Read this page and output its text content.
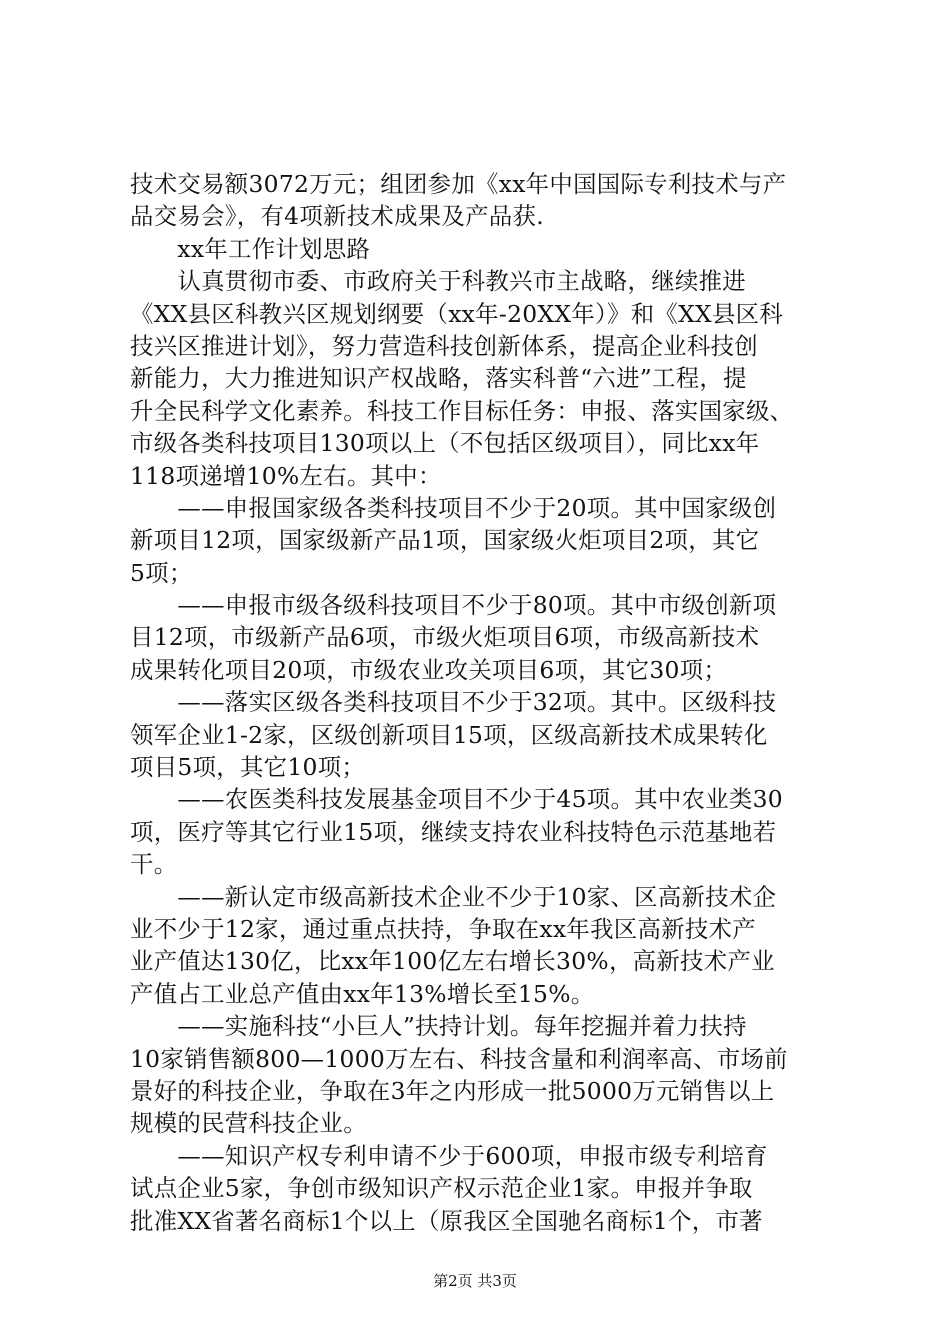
技术交易额3072万元；组团参加《xx年中国国际专利技术与产
品交易会》，有4项新技术成果及产品获.
　　xx年工作计划思路
　　认真贯彻市委、市政府关于科教兴市主战略，继续推进
《XX县区科教兴区规划纲要（xx年-20XX年）》和《XX县区科
技兴区推进计划》，努力营造科技创新体系，提高企业科技创
新能力，大力推进知识产权战略，落实科普“六进”工程，提
升全民科学文化素养。科技工作目标任务：申报、落实国家级、
市级各类科技项目130项以上（不包括区级项目），同比xx年
118项递增10%左右。其中：
　　——申报国家级各类科技项目不少于20项。其中国家级创
新项目12项，国家级新产品1项，国家级火炬项目2项，其它
5项；
　　——申报市级各级科技项目不少于80项。其中市级创新项
目12项，市级新产品6项，市级火炬项目6项，市级高新技术
成果转化项目20项，市级农业攻关项目6项，其它30项；
　　——落实区级各类科技项目不少于32项。其中。区级科技
领军企业1-2家，区级创新项目15项，区级高新技术成果转化
项目5项，其它10项；
　　——农医类科技发展基金项目不少于45项。其中农业类30
项，医疗等其它行业15项，继续支持农业科技特色示范基地若
干。
　　——新认定市级高新技术企业不少于10家、区高新技术企
业不少于12家，通过重点扶持，争取在xx年我区高新技术产
业产值达130亿，比xx年100亿左右增长30%，高新技术产业
产值占工业总产值由xx年13%增长至15%。
　　——实施科技“小巨人”扶持计划。每年挖掘并着力扶持
10家销售额800—1000万左右、科技含量和利润率高、市场前
景好的科技企业，争取在3年之内形成一批5000万元销售以上
规模的民营科技企业。
　　——知识产权专利申请不少于600项，申报市级专利培育
试点企业5家，争创市级知识产权示范企业1家。申报并争取
批准XX省著名商标1个以上（原我区全国驰名商标1个，市著
第2页 共3页
